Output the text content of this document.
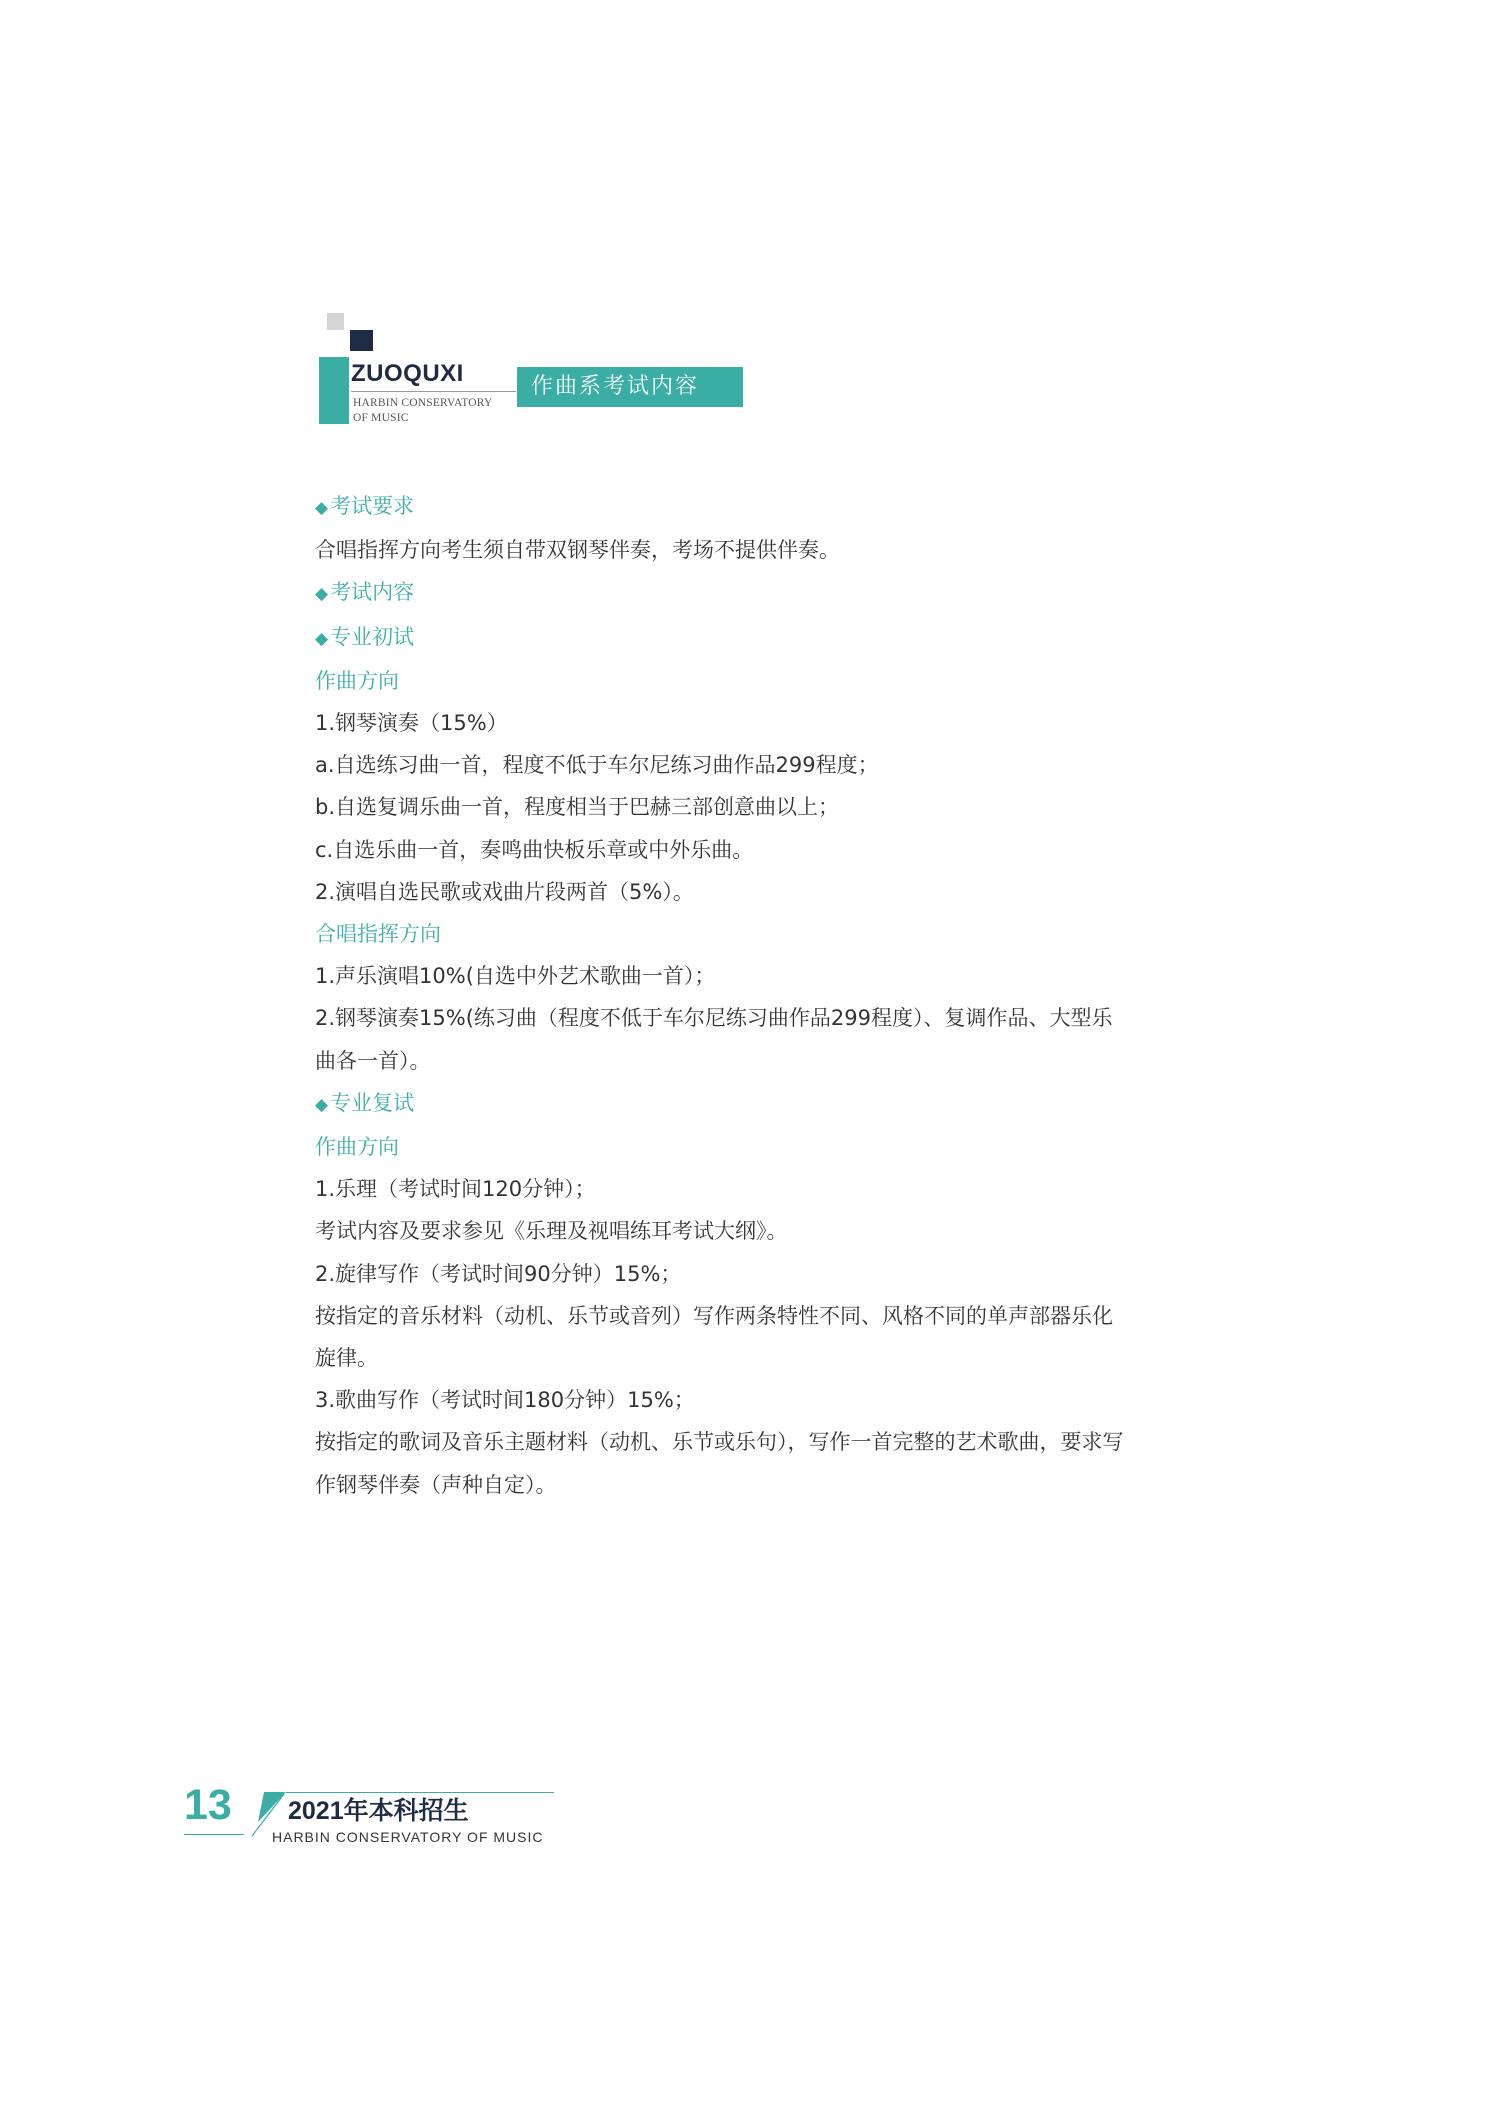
ZUOQUXI
HARBIN CONSERVATORY
OF MUSIC
作曲系考试内容
◆考试要求
合唱指挥方向考生须自带双钢琴伴奏，考场不提供伴奏。
◆考试内容
◆专业初试
作曲方向
1.钢琴演奏（15%）
a.自选练习曲一首，程度不低于车尔尼练习曲作品299程度；
b.自选复调乐曲一首，程度相当于巴赫三部创意曲以上；
c.自选乐曲一首，奏鸣曲快板乐章或中外乐曲。
2.演唱自选民歌或戏曲片段两首（5%）。
合唱指挥方向
1.声乐演唱10%(自选中外艺术歌曲一首）；
2.钢琴演奏15%(练习曲（程度不低于车尔尼练习曲作品299程度）、复调作品、大型乐
曲各一首）。
◆专业复试
作曲方向
1.乐理（考试时间120分钟）；
考试内容及要求参见《乐理及视唱练耳考试大纲》。
2.旋律写作（考试时间90分钟）15%；
按指定的音乐材料（动机、乐节或音列）写作两条特性不同、风格不同的单声部器乐化
旋律。
3.歌曲写作（考试时间180分钟）15%；
按指定的歌词及音乐主题材料（动机、乐节或乐句），写作一首完整的艺术歌曲，要求写
作钢琴伴奏（声种自定）。
13 2021年本科招生
HARBIN CONSERVATORY OF MUSIC
